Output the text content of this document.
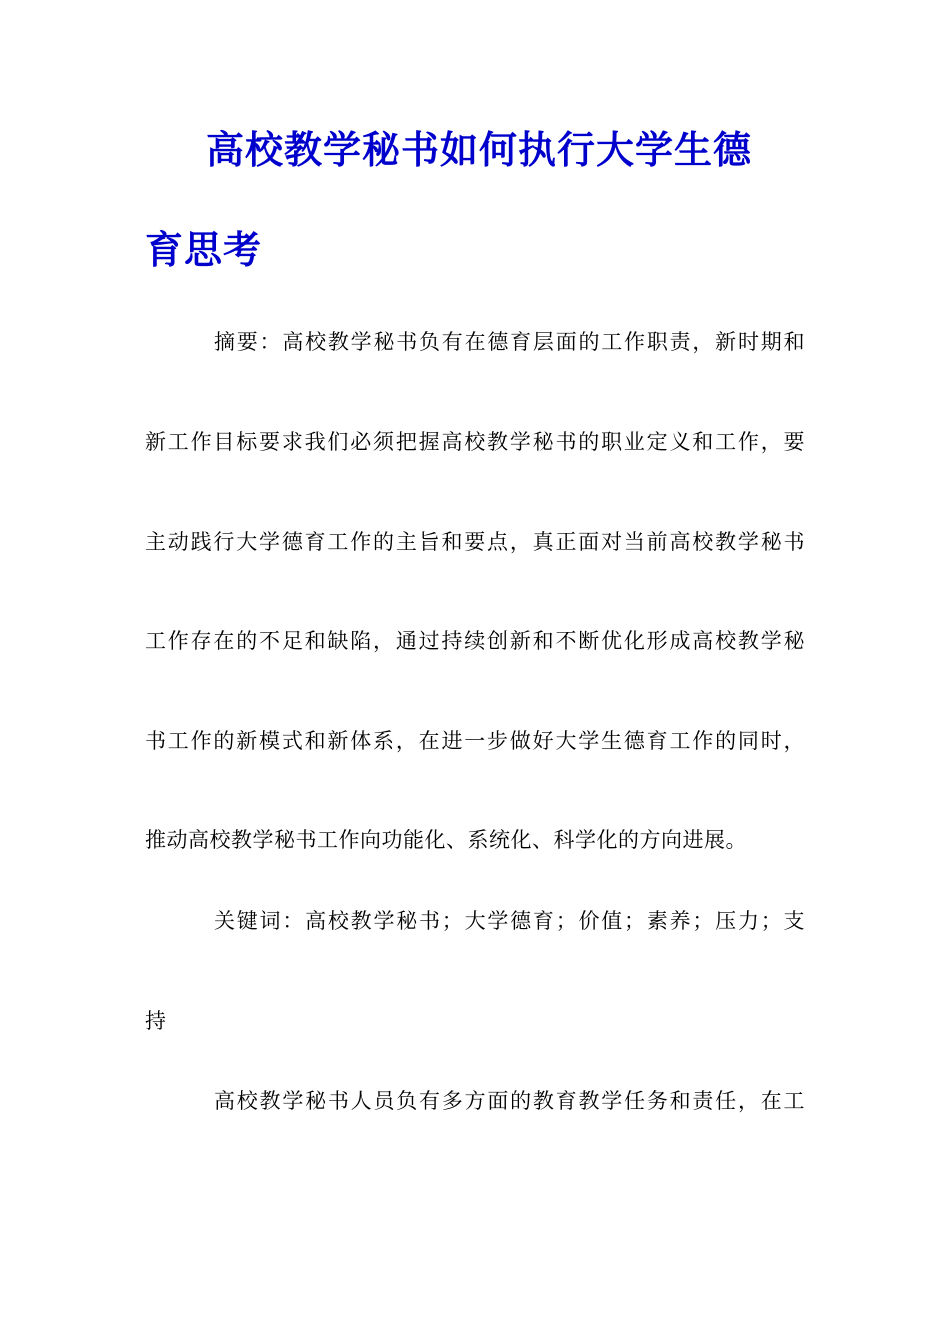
高校教学秘书如何执行大学生德
育思考

摘要：高校教学秘书负有在德育层面的工作职责，新时期和

新工作目标要求我们必须把握高校教学秘书的职业定义和工作，要

主动践行大学德育工作的主旨和要点，真正面对当前高校教学秘书

工作存在的不足和缺陷，通过持续创新和不断优化形成高校教学秘

书工作的新模式和新体系，在进一步做好大学生德育工作的同时，

推动高校教学秘书工作向功能化、系统化、科学化的方向进展。

关键词：高校教学秘书；大学德育；价值；素养；压力；支

持

高校教学秘书人员负有多方面的教育教学任务和责任，在工
